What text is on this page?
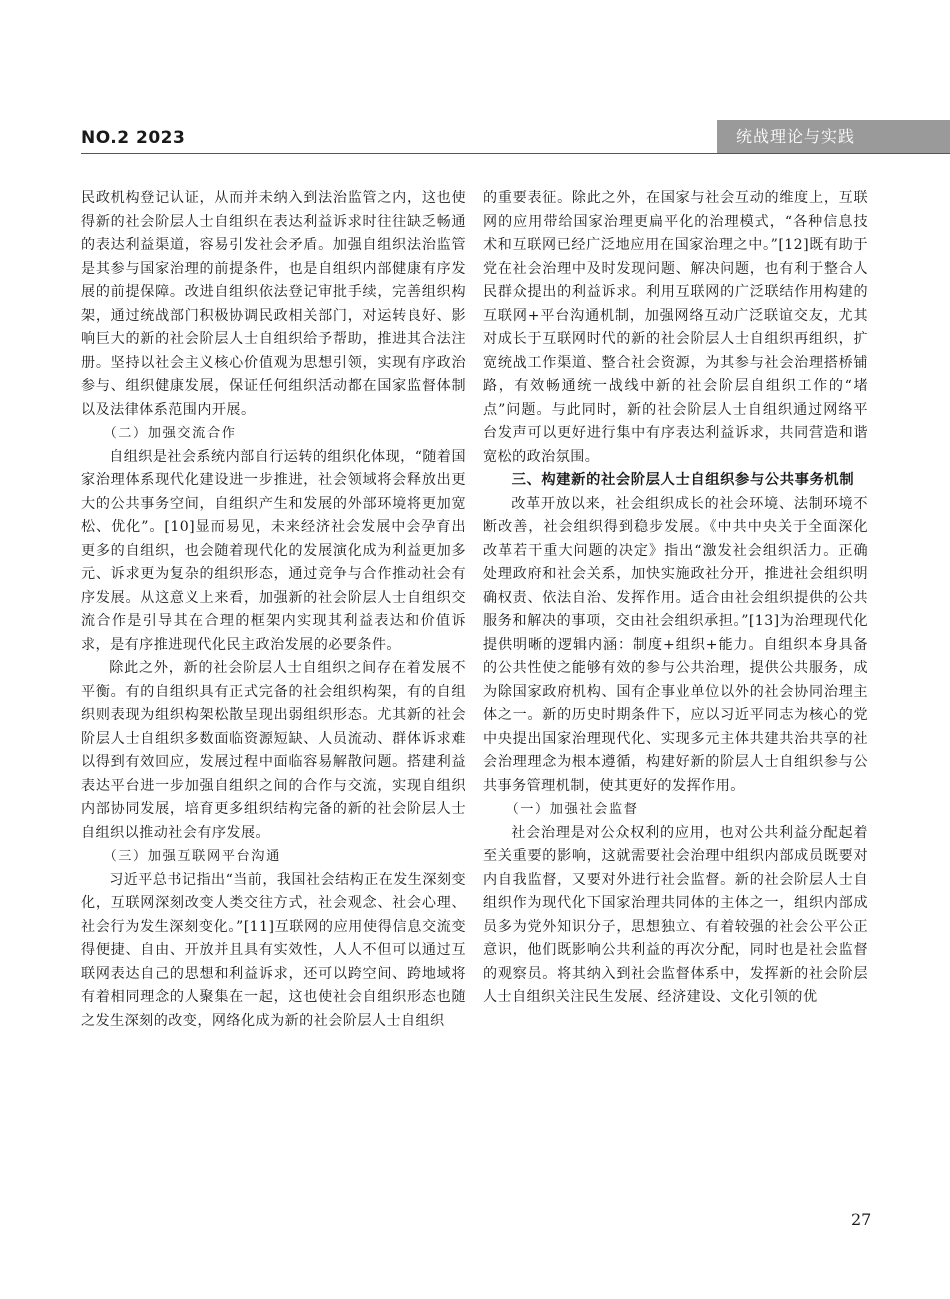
NO.2 2023	统战理论与实践

民政机构登记认证，从而并未纳入到法治监管之内，这也使得新的社会阶层人士自组织在表达利益诉求时往往缺乏畅通的表达利益渠道，容易引发社会矛盾。加强自组织法治监管是其参与国家治理的前提条件，也是自组织内部健康有序发展的前提保障。改进自组织依法登记审批手续，完善组织构架，通过统战部门积极协调民政相关部门，对运转良好、影响巨大的新的社会阶层人士自组织给予帮助，推进其合法注册。坚持以社会主义核心价值观为思想引领，实现有序政治参与、组织健康发展，保证任何组织活动都在国家监督体制以及法律体系范围内开展。

（二）加强交流合作

自组织是社会系统内部自行运转的组织化体现，“随着国家治理体系现代化建设进一步推进，社会领域将会释放出更大的公共事务空间，自组织产生和发展的外部环境将更加宽松、优化”。[10]显而易见，未来经济社会发展中会孕育出更多的自组织，也会随着现代化的发展演化成为利益更加多元、诉求更为复杂的组织形态，通过竞争与合作推动社会有序发展。从这意义上来看，加强新的社会阶层人士自组织交流合作是引导其在合理的框架内实现其利益表达和价值诉求，是有序推进现代化民主政治发展的必要条件。

除此之外，新的社会阶层人士自组织之间存在着发展不平衡。有的自组织具有正式完备的社会组织构架，有的自组织则表现为组织构架松散呈现出弱组织形态。尤其新的社会阶层人士自组织多数面临资源短缺、人员流动、群体诉求难以得到有效回应，发展过程中面临容易解散问题。搭建利益表达平台进一步加强自组织之间的合作与交流，实现自组织内部协同发展，培育更多组织结构完备的新的社会阶层人士自组织以推动社会有序发展。

（三）加强互联网平台沟通

习近平总书记指出“当前，我国社会结构正在发生深刻变化，互联网深刻改变人类交往方式，社会观念、社会心理、社会行为发生深刻变化。”[11]互联网的应用使得信息交流变得便捷、自由、开放并且具有实效性，人人不但可以通过互联网表达自己的思想和利益诉求，还可以跨空间、跨地域将有着相同理念的人聚集在一起，这也使社会自组织形态也随之发生深刻的改变，网络化成为新的社会阶层人士自组织

的重要表征。除此之外，在国家与社会互动的维度上，互联网的应用带给国家治理更扁平化的治理模式，“各种信息技术和互联网已经广泛地应用在国家治理之中。”[12]既有助于党在社会治理中及时发现问题、解决问题，也有利于整合人民群众提出的利益诉求。利用互联网的广泛联结作用构建的互联网+平台沟通机制，加强网络互动广泛联谊交友，尤其对成长于互联网时代的新的社会阶层人士自组织再组织，扩宽统战工作渠道、整合社会资源，为其参与社会治理搭桥铺路，有效畅通统一战线中新的社会阶层自组织工作的“堵点”问题。与此同时，新的社会阶层人士自组织通过网络平台发声可以更好进行集中有序表达利益诉求，共同营造和谐宽松的政治氛围。

三、构建新的社会阶层人士自组织参与公共事务机制

改革开放以来，社会组织成长的社会环境、法制环境不断改善，社会组织得到稳步发展。《中共中央关于全面深化改革若干重大问题的决定》指出“激发社会组织活力。正确处理政府和社会关系，加快实施政社分开，推进社会组织明确权责、依法自治、发挥作用。适合由社会组织提供的公共服务和解决的事项，交由社会组织承担。”[13]为治理现代化提供明晰的逻辑内涵：制度+组织+能力。自组织本身具备的公共性使之能够有效的参与公共治理，提供公共服务，成为除国家政府机构、国有企事业单位以外的社会协同治理主体之一。新的历史时期条件下，应以习近平同志为核心的党中央提出国家治理现代化、实现多元主体共建共治共享的社会治理理念为根本遵循，构建好新的阶层人士自组织参与公共事务管理机制，使其更好的发挥作用。

（一）加强社会监督

社会治理是对公众权利的应用，也对公共利益分配起着至关重要的影响，这就需要社会治理中组织内部成员既要对内自我监督，又要对外进行社会监督。新的社会阶层人士自组织作为现代化下国家治理共同体的主体之一，组织内部成员多为党外知识分子，思想独立、有着较强的社会公平公正意识，他们既影响公共利益的再次分配，同时也是社会监督的观察员。将其纳入到社会监督体系中，发挥新的社会阶层人士自组织关注民生发展、经济建设、文化引领的优

27
